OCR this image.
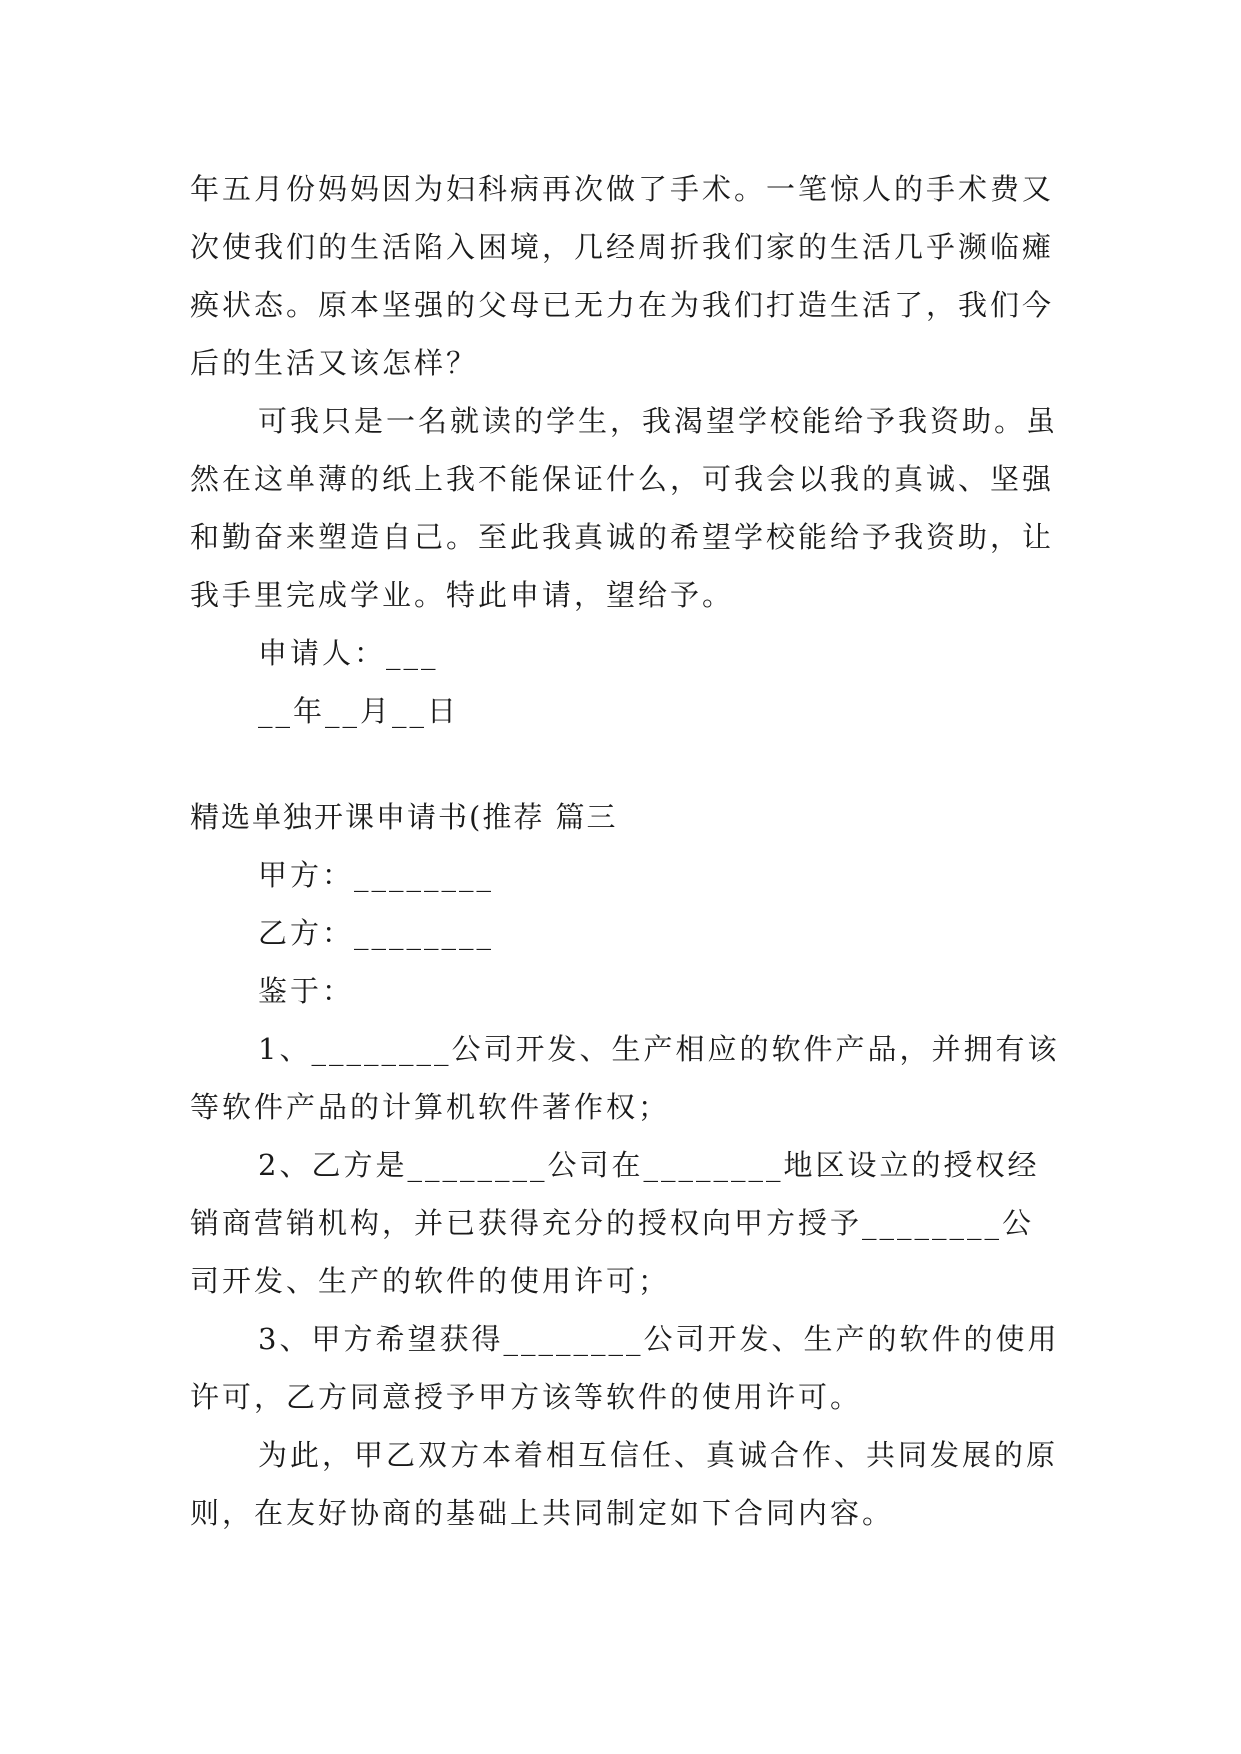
年五月份妈妈因为妇科病再次做了手术。一笔惊人的手术费又次使我们的生活陷入困境，几经周折我们家的生活几乎濒临瘫痪状态。原本坚强的父母已无力在为我们打造生活了，我们今后的生活又该怎样？

可我只是一名就读的学生，我渴望学校能给予我资助。虽然在这单薄的纸上我不能保证什么，可我会以我的真诚、坚强和勤奋来塑造自己。至此我真诚的希望学校能给予我资助，让我手里完成学业。特此申请，望给予。

申请人：___

__年__月__日

精选单独开课申请书(推荐 篇三

甲方：________

乙方：________

鉴于：

1、________公司开发、生产相应的软件产品，并拥有该等软件产品的计算机软件著作权；

2、乙方是________公司在________地区设立的授权经销商营销机构，并已获得充分的授权向甲方授予________公司开发、生产的软件的使用许可；

3、甲方希望获得________公司开发、生产的软件的使用许可，乙方同意授予甲方该等软件的使用许可。

为此，甲乙双方本着相互信任、真诚合作、共同发展的原则，在友好协商的基础上共同制定如下合同内容。
